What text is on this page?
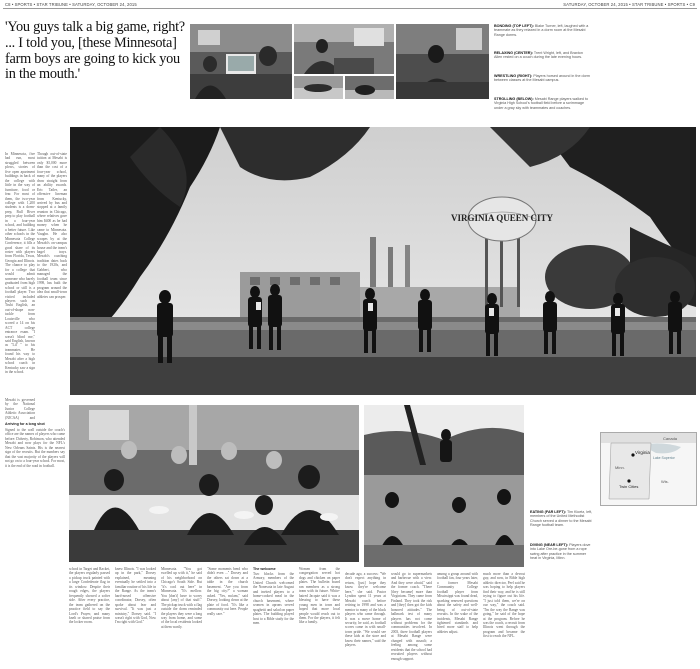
C8 • SPORTS • STAR TRIBUNE • SATURDAY, OCTOBER 24, 2015	SATURDAY, OCTOBER 24, 2015 • STAR TRIBUNE • SPORTS • C9
'You guys talk a big game, right? ... I told you, [these Minnesota] farm boys are going to kick you in the mouth.'
BONDING (TOP LEFT): Blake Turner, left, laughed with a teammate as they relaxed in a dorm room at the Mesabi Range dorms.
RELAXING (CENTER): Trent Wright, left, and Braxton Allen rested on a couch during the late evening hours.
WRESTLING (RIGHT): Players horsed around in the dorm between classes at the Mesabi campus.
STROLLING (BELOW): Mesabi Range players walked to Virginia High School's football field before a scrimmage under a gray sky with teammates and coaches.
In Minnesota, five had run, most struggled between plows, stories of five open apartment buildings in back of the college with little in the way of furniture, food or fear. For most of them, the two-year college with 1,200 students is a dorm-prep, Bull River prep to play football in a four-year school, and building a better future. Like other schools in the Minnesota College Conference, it fills a good share of its roster with players from Florida, Texas, Georgia and Illinois. The chance to play for a college that would admit someone who barely graduated from high school or still is a football player. Two visited included players such as Truhi English, an out-of-shape non-tackle from Louisville who scored a 14 on his ACT college entrance exam. "I wasn't blind me," said English, known as "Lil' " to his teammates. He found his way to Mesabi after a high school coach in Kentucky saw a sign in the school.
Though out-of-state tuition at Mesabi is only $5,000 more than the cost of a four-year school, many of the players draw straight from an ability awards. Eric Tatler, an offensive lineman from Kentucky, arrived by bus and stopped at a family reunion in Chicago, where relatives gave him $400 as he had money when he came to Minnesota. Vaughn. He also scrapes by at the Mesabi's on-campus house and the team's bagel trays. Mesabi's coaching tradition dates back to the 1920s, and Gabbert, who managed the football team since 1998, has built the program around the idea that small-town athletes can prosper.
VIRGINIA QUEEN CITY
Mesabi is governed by the National Junior College Athletic Association (NJCAA) and
Arriving for a long shot
Signed to the wall outside the coach's office are the names of players who came before: Doherty, Robinson, who attended Mesabi and now plays for the NFL's New Orleans Saints. His is the nearest sign of the recruits. But the numbers say that the vast majority of the players will not go on to a four-year school. For most, it is the end of the road in football.
school in Target and Racket, the players regularly passed a pickup truck painted with a large Confederate flag in its window. Despite their rough edges, the players frequently showed a softer side. After every practice, the team gathered on the practice field to say the Lord's Prayer, and many knelt or shared praise from the locker room.
knew Illinois. "I was looked up in the park," Dorsey explained, meaning eventually he settled into a familiar routine of his life in the Range. As the team's hard-nosed offensive coordinator, Dorsey, often spoke about fear and survival. "It was just a ministry," Dorsey said. "I wasn't right with God, Now I'm right with God."
Minnesota. "You got swelled up with it," he said of his neighborhood on Chicago's South Side. But "it's cool out here" in Minnesota. "It's mellow. You [don't] have to worry about [any] of that stuff." The pickup truck with a flag outside the dorm reminded the players they were a long way from home, and some of the local residents looked at them warily.
"Some moments bend who didn't even ..." Dorsey and the others sat down at a table in the church basement. "Are you from the big city?" a woman asked. "Yes, ma'am," said Dorsey, looking down at the plate of food. "It's like a community out here. People really care."
The welcome
Two blocks from the Armory, members of the United Church welcomed the Nonesota in late August and invited players to a home-cooked meal in the church basement, where women in aprons served spaghetti and salad on paper plates. The building played host to a Bible study for the men.
Women from the congregation served hot dogs and chicken on paper plates. The bulletin board ran members as a strong team with its future. White-haired Jacquie said it was a blessing to have these young men in town and hoped that more local people would reach out to them. For the players, it felt like a family.
decade ago, a success: "We don't expect anything in return, [just] hope they know they're welcome here," she said. Pastor Lyndon spent 11 years at Mesabi coach before retiring in 1998 and was a mentor to many of the black players who came through. It was a move home of security, he said, as football scores came in with small-town pride. "We would see these kids at the store and know their names," said the players.
would go to supermarkets and barbecue with a view. And they were afraid," said the former coach. "There [they became] more than Virginians. They came from Finland. They took the risk and [they] then got the kids honored attitudes." The hallmark test of many players has not come without problems for the communities involved. In 2003, three football players at Mesabi Range were charged with assault; a feeling among some residents that the school had recruited players without enough support.
among a group around with football fan, four years later, a former Mesabi Community College football player from Mississippi was found dead, sparking renewed questions about the safety and well-being of out-of-state recruits. In the wake of the incidents, Mesabi Range tightened standards and hired more staff to help athletes adjust.
much more than a devout guy, and now, in Bible high athletic director, Peel said he was hoping to help players find their way, and he is still trying to figure out his life. "I just told them, we're on our way," the coach said. "I'm the way the Range was going," he said of the hope at the program. Before he was the coach, a recruit from Illinois went through the program and became the first to reach the NFL.
Virginia
Canada
Twin Cities
Minn.
Wis.
Lake Superior
EATING (FAR LEFT): Tim Kloetz, left, members of the United Methodist Church served a dinner to the Mesabi Range football team.
DIVING (NEAR LEFT): Players dove into Lake Ore-be-gone from a rope swing after practice in the summer heat in Virginia, Minn.
